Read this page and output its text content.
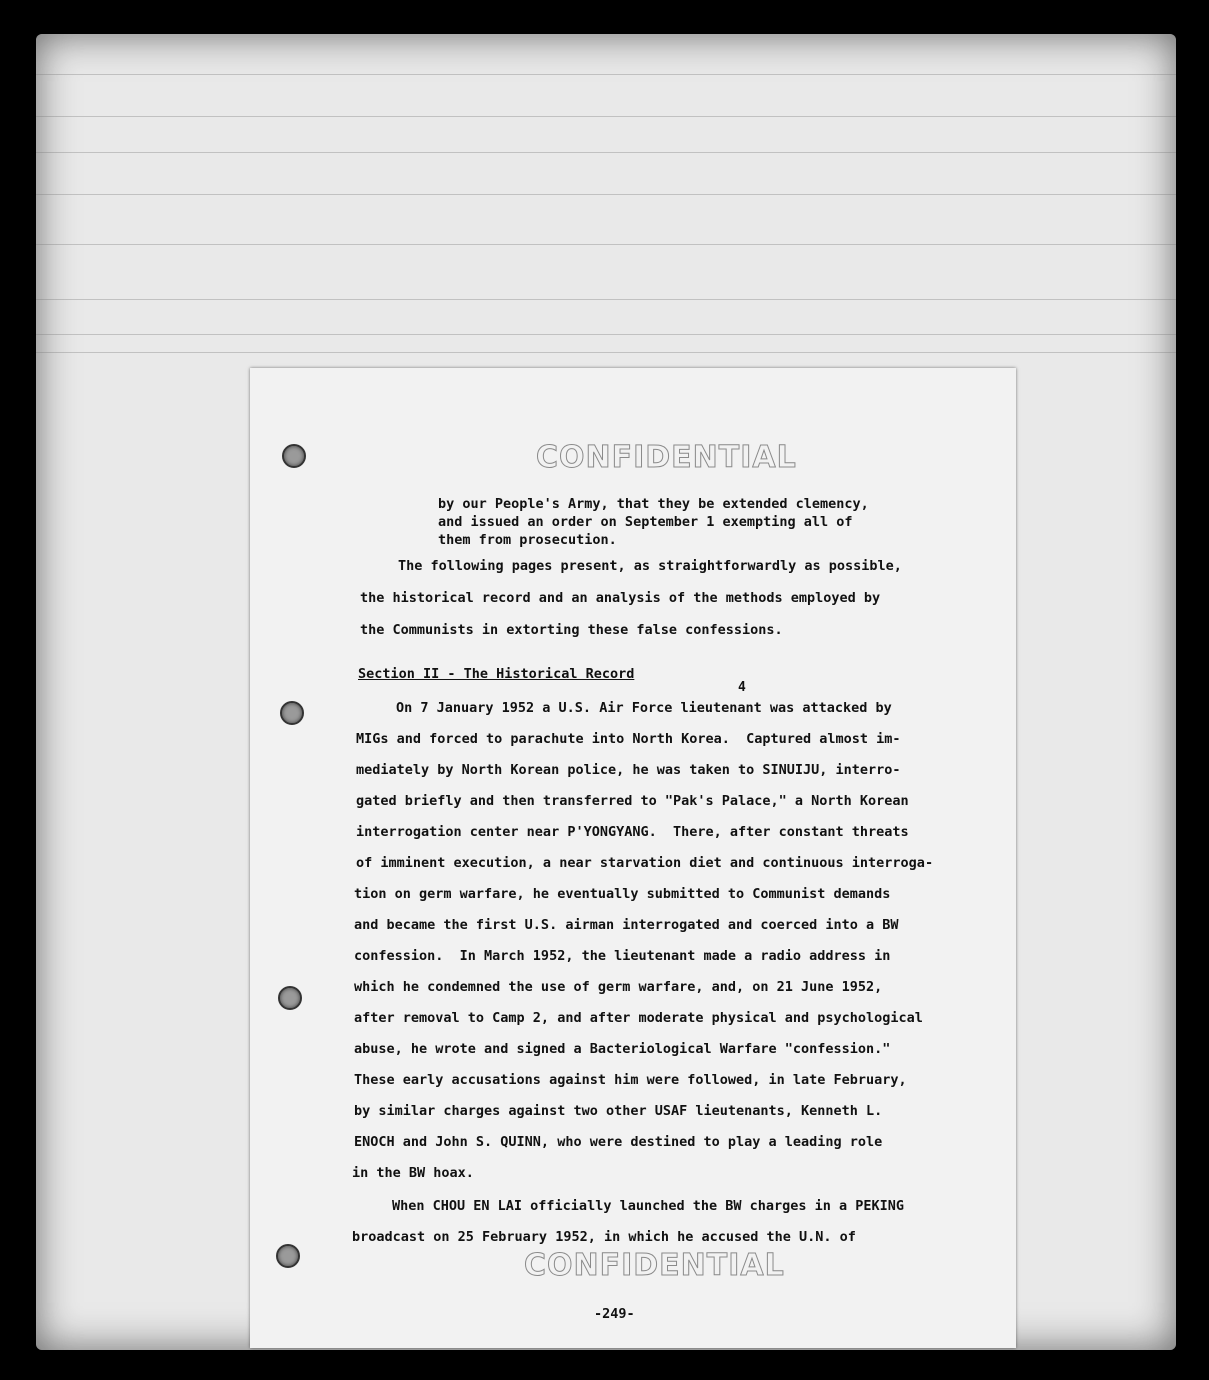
CONFIDENTIAL
by our People's Army, that they be extended clemency,
and issued an order on September 1 exempting all of
them from prosecution.
The following pages present, as straightforwardly as possible,
the historical record and an analysis of the methods employed by
the Communists in extorting these false confessions.
Section II - The Historical Record
4
On 7 January 1952 a U.S. Air Force lieutenant was attacked by
MIGs and forced to parachute into North Korea.  Captured almost im-
mediately by North Korean police, he was taken to SINUIJU, interro-
gated briefly and then transferred to "Pak's Palace," a North Korean
interrogation center near P'YONGYANG.  There, after constant threats
of imminent execution, a near starvation diet and continuous interroga-
tion on germ warfare, he eventually submitted to Communist demands
and became the first U.S. airman interrogated and coerced into a BW
confession.  In March 1952, the lieutenant made a radio address in
which he condemned the use of germ warfare, and, on 21 June 1952,
after removal to Camp 2, and after moderate physical and psychological
abuse, he wrote and signed a Bacteriological Warfare "confession."
These early accusations against him were followed, in late February,
by similar charges against two other USAF lieutenants, Kenneth L.
ENOCH and John S. QUINN, who were destined to play a leading role
in the BW hoax.
When CHOU EN LAI officially launched the BW charges in a PEKING
broadcast on 25 February 1952, in which he accused the U.N. of
CONFIDENTIAL
-249-
